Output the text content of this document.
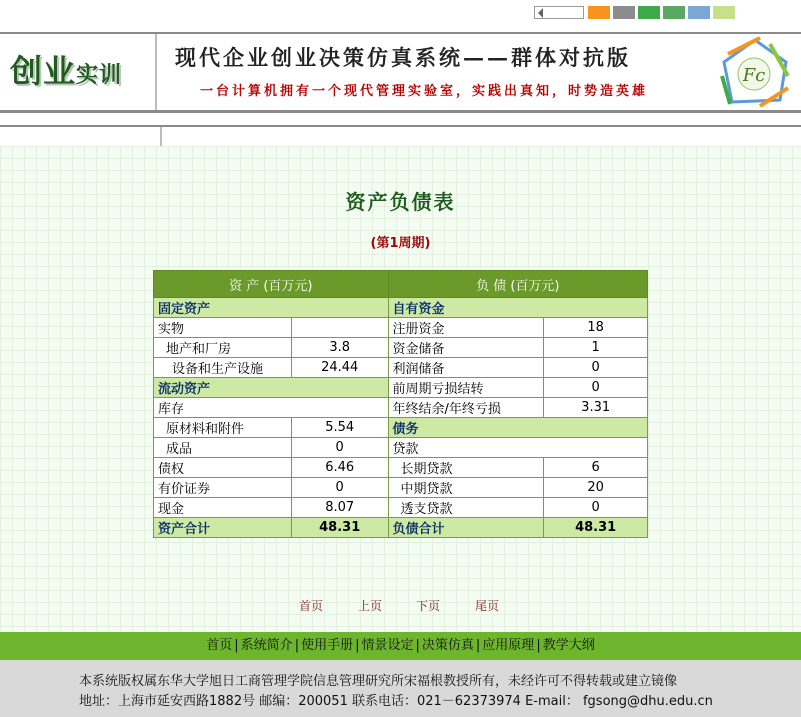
创业实训
现代企业创业决策仿真系统——群体对抗版
一台计算机拥有一个现代管理实验室，实践出真知，时势造英雄
Fc
资产负债表
(第1周期)
资 产 (百万元)		负 债 (百万元)	
固定资产		自有资金	
实物		注册资金	18
地产和厂房	3.8	资金储备	1
设备和生产设施	24.44	利润储备	0
流动资产		前周期亏损结转	0
库存		年终结余/年终亏损	3.31
原材料和附件	5.54	债务	
成品	0	贷款	
债权	6.46	长期贷款	6
有价证券	0	中期贷款	20
现金	8.07	透支贷款	0
资产合计	48.31	负债合计	48.31
首页	上页	下页	尾页
首页 | 系统简介 | 使用手册 | 情景设定 | 决策仿真 | 应用原理 | 教学大纲
本系统版权属东华大学旭日工商管理学院信息管理研究所宋福根教授所有，未经许可不得转载或建立镜像
地址：上海市延安西路1882号 邮编：200051 联系电话：021－62373974 E-mail： fgsong@dhu.edu.cn
